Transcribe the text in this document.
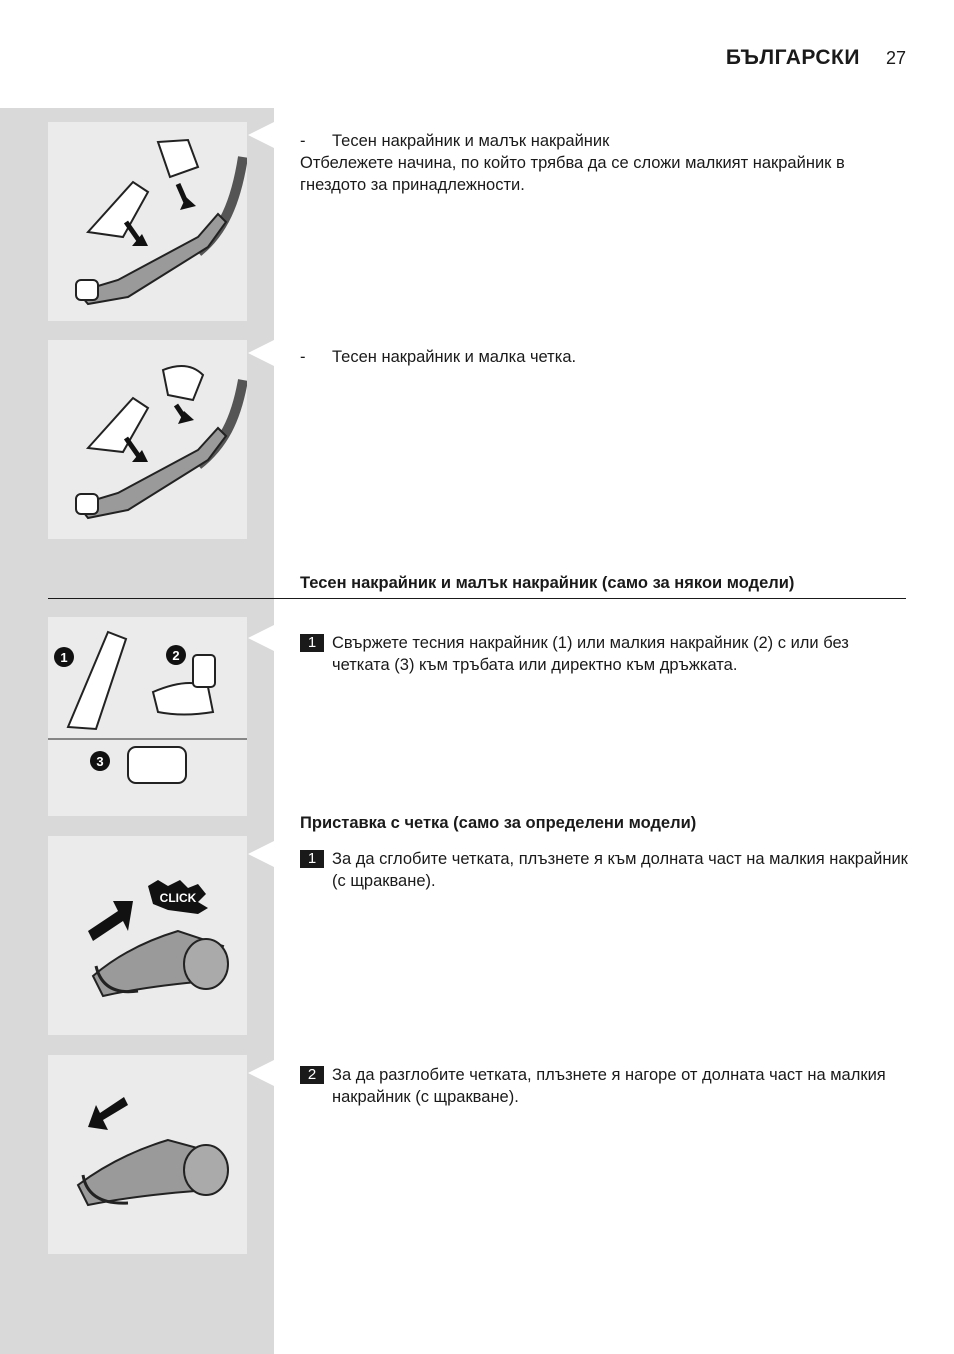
БЪЛГАРСКИ 27
-	Тесен накрайник и малък накрайник
Отбележете начина, по който трябва да се сложи малкият накрайник в гнездото за принадлежности.
-	Тесен накрайник и малка четка.
Тесен накрайник и малък накрайник (само за някои модели)
1	2
3
1 Свържете тесния накрайник (1) или малкия накрайник (2) с или без четката (3) към тръбата или директно към дръжката.
Приставка с четка (само за определени модели)
CLICK
1 За да сглобите четката, плъзнете я към долната част на малкия накрайник (с щракване).
2 За да разглобите четката, плъзнете я нагоре от долната част на малкия накрайник (с щракване).
